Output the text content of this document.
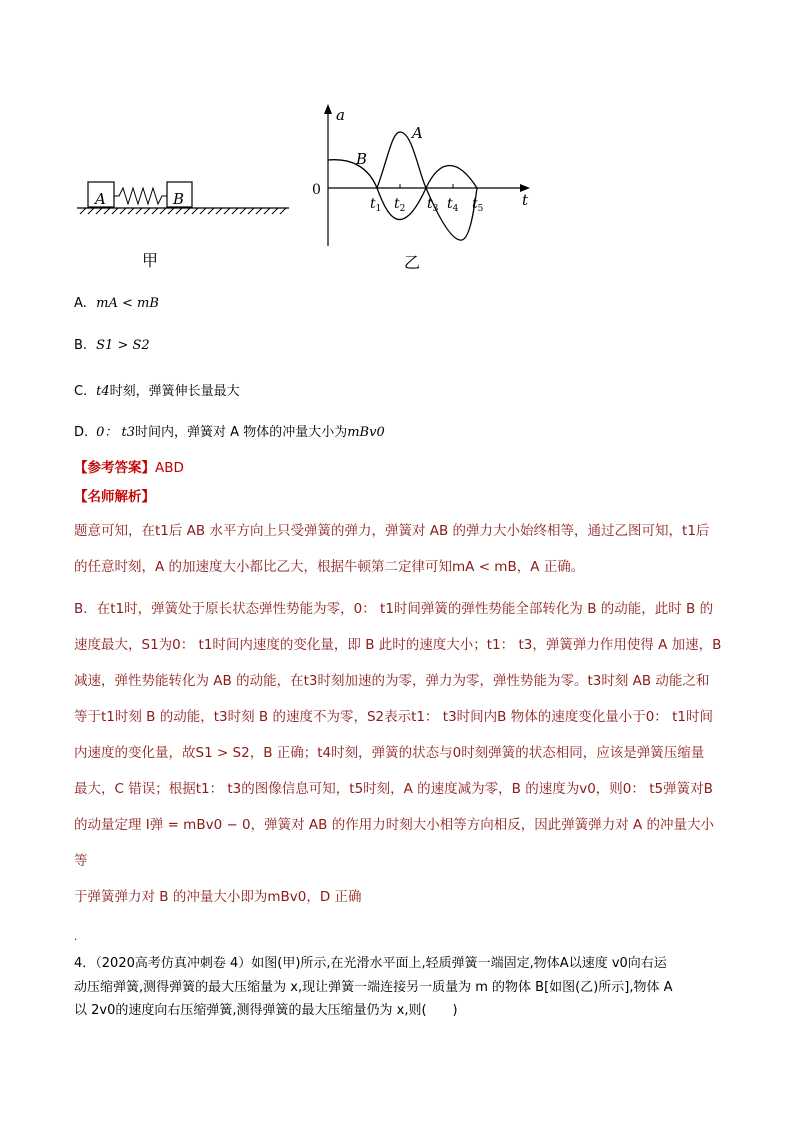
A	B
甲
a
t
0
A
B
$t_1$ $t_2$ $t_3$ $t_4$ $t_5$
乙
A. mA < mB
B. S1 > S2
C. t4时刻，弹簧伸长量最大
D. 0： t3时间内，弹簧对 A 物体的冲量大小为mBv0
【参考答案】ABD
【名师解析】

题意可知，在t1后 AB 水平方向上只受弹簧的弹力，弹簧对 AB 的弹力大小始终相等，通过乙图可知，t1后

的任意时刻，A 的加速度大小都比乙大，根据牛顿第二定律可知mA < mB，A 正确。

B．在t1时，弹簧处于原长状态弹性势能为零，0： t1时间弹簧的弹性势能全部转化为 B 的动能，此时 B 的

速度最大，S1为0： t1时间内速度的变化量，即 B 此时的速度大小；t1： t3，弹簧弹力作用使得 A 加速，B

减速，弹性势能转化为 AB 的动能，在t3时刻加速的为零，弹力为零，弹性势能为零。t3时刻 AB 动能之和

等于t1时刻 B 的动能，t3时刻 B 的速度不为零，S2表示t1： t3时间内B 物体的速度变化量小于0： t1时间

内速度的变化量，故S1 > S2，B 正确；t4时刻，弹簧的状态与0时刻弹簧的状态相同，应该是弹簧压缩量

最大，C 错误；根据t1： t3的图像信息可知，t5时刻，A 的速度减为零，B 的速度为v0，则0： t5弹簧对B

的动量定理 I弹 = mBv0 − 0，弹簧对 AB 的作用力时刻大小相等方向相反，因此弹簧弹力对 A 的冲量大小等

于弹簧弹力对 B 的冲量大小即为mBv0，D 正确

.

4．（2020高考仿真冲刺卷 4）如图(甲)所示,在光滑水平面上,轻质弹簧一端固定,物体A以速度 v0向右运

动压缩弹簧,测得弹簧的最大压缩量为 x,现让弹簧一端连接另一质量为 m 的物体 B[如图(乙)所示],物体 A

以 2v0的速度向右压缩弹簧,测得弹簧的最大压缩量仍为 x,则(　　)
